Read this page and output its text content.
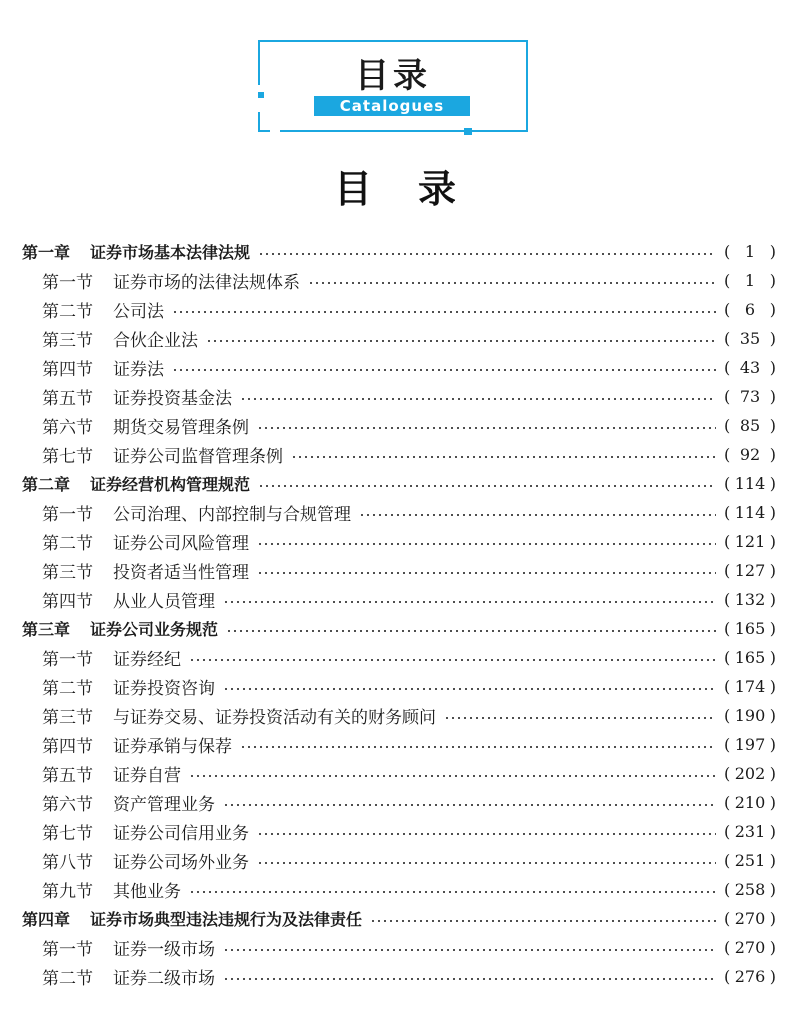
目录
Catalogues
目 录
第一章 证券市场基本法律法规	( 1 )
第一节 证券市场的法律法规体系	( 1 )
第二节 公司法	( 6 )
第三节 合伙企业法	( 35 )
第四节 证券法	( 43 )
第五节 证券投资基金法	( 73 )
第六节 期货交易管理条例	( 85 )
第七节 证券公司监督管理条例	( 92 )
第二章 证券经营机构管理规范	( 114 )
第一节 公司治理、内部控制与合规管理	( 114 )
第二节 证券公司风险管理	( 121 )
第三节 投资者适当性管理	( 127 )
第四节 从业人员管理	( 132 )
第三章 证券公司业务规范	( 165 )
第一节 证券经纪	( 165 )
第二节 证券投资咨询	( 174 )
第三节 与证券交易、证券投资活动有关的财务顾问	( 190 )
第四节 证券承销与保荐	( 197 )
第五节 证券自营	( 202 )
第六节 资产管理业务	( 210 )
第七节 证券公司信用业务	( 231 )
第八节 证券公司场外业务	( 251 )
第九节 其他业务	( 258 )
第四章 证券市场典型违法违规行为及法律责任	( 270 )
第一节 证券一级市场	( 270 )
第二节 证券二级市场	( 276 )
